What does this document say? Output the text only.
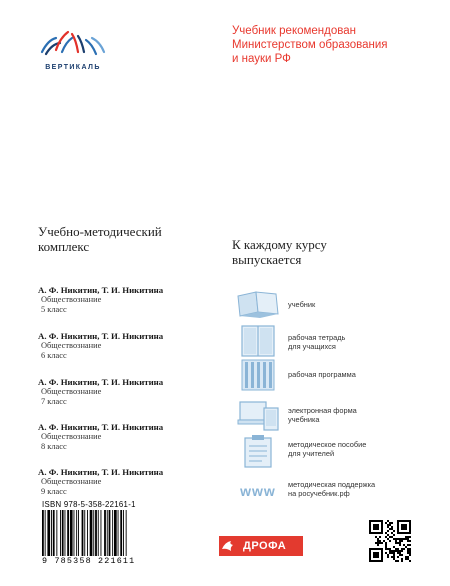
ВЕРТИКАЛЬ
Учебник рекомендован
Министерством образования
и науки РФ
Учебно-методический
комплекс
А. Ф. Никитин, Т. И. Никитина
Обществознание
5 класс
А. Ф. Никитин, Т. И. Никитина
Обществознание
6 класс
А. Ф. Никитин, Т. И. Никитина
Обществознание
7 класс
А. Ф. Никитин, Т. И. Никитина
Обществознание
8 класс
А. Ф. Никитин, Т. И. Никитина
Обществознание
9 класс
К каждому курсу
выпускается
учебник
рабочая тетрадь
для учащихся
рабочая программа
электронная форма
учебника
методическое пособие
для учителей
www методическая поддержка
на росучебник.рф
ISBN 978-5-358-22161-1
9 785358 221611
ДРОФА
